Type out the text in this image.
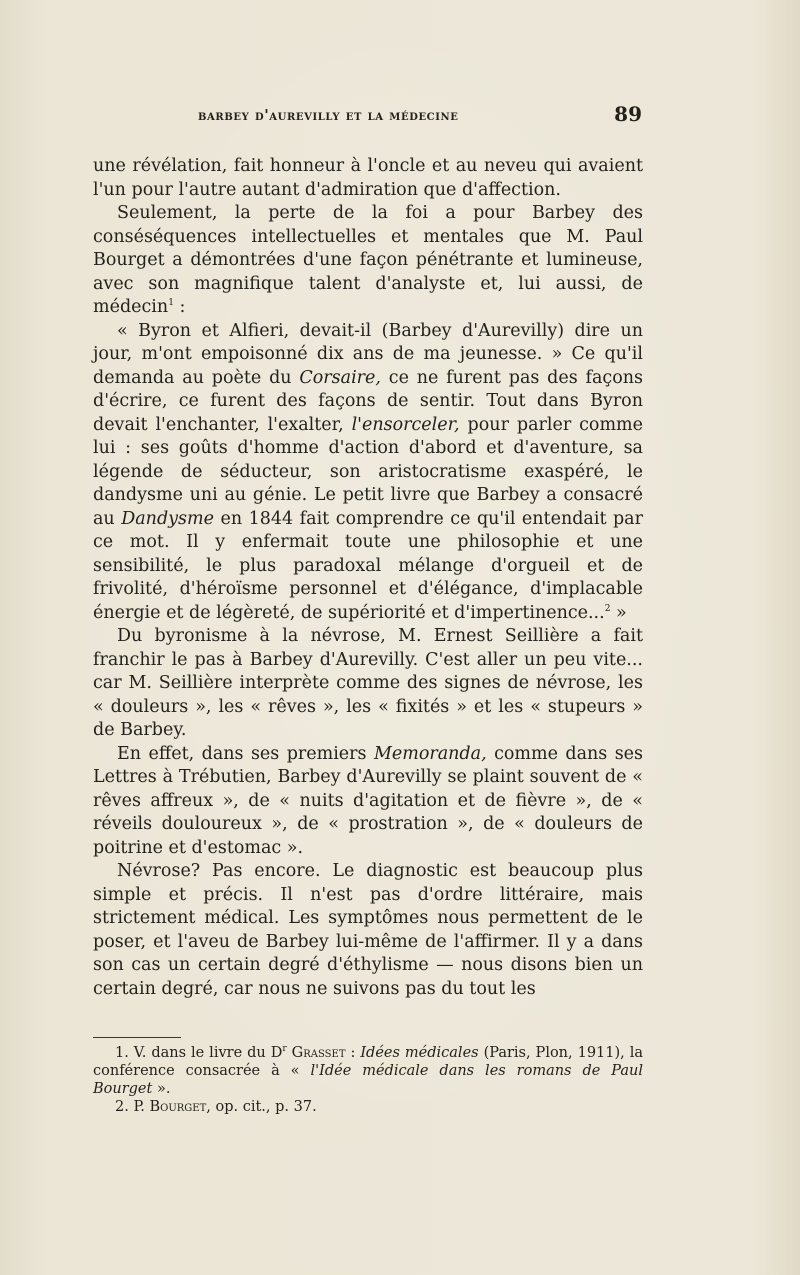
barbey d'aurevilly et la médecine	89

une révélation, fait honneur à l'oncle et au neveu qui avaient l'un pour l'autre autant d'admiration que d'affection.

Seulement, la perte de la foi a pour Barbey des conséséquences intellectuelles et mentales que M. Paul Bourget a démontrées d'une façon pénétrante et lumineuse, avec son magnifique talent d'analyste et, lui aussi, de médecin$^1$ :

« Byron et Alfieri, devait-il (Barbey d'Aurevilly) dire un jour, m'ont empoisonné dix ans de ma jeunesse. » Ce qu'il demanda au poète du Corsaire, ce ne furent pas des façons d'écrire, ce furent des façons de sentir. Tout dans Byron devait l'enchanter, l'exalter, l'ensorceler, pour parler comme lui : ses goûts d'homme d'action d'abord et d'aventure, sa légende de séducteur, son aristocratisme exaspéré, le dandysme uni au génie. Le petit livre que Barbey a consacré au Dandysme en 1844 fait comprendre ce qu'il entendait par ce mot. Il y enfermait toute une philosophie et une sensibilité, le plus paradoxal mélange d'orgueil et de frivolité, d'héroïsme personnel et d'élégance, d'implacable énergie et de légèreté, de supériorité et d'impertinence...$^2$ »

Du byronisme à la névrose, M. Ernest Seillière a fait franchir le pas à Barbey d'Aurevilly. C'est aller un peu vite... car M. Seillière interprète comme des signes de névrose, les « douleurs », les « rêves », les « fixités » et les « stupeurs » de Barbey.

En effet, dans ses premiers Memoranda, comme dans ses Lettres à Trébutien, Barbey d'Aurevilly se plaint souvent de « rêves affreux », de « nuits d'agitation et de fièvre », de « réveils douloureux », de « prostration », de « douleurs de poitrine et d'estomac ».

Névrose? Pas encore. Le diagnostic est beaucoup plus simple et précis. Il n'est pas d'ordre littéraire, mais strictement médical. Les symptômes nous permettent de le poser, et l'aveu de Barbey lui-même de l'affirmer. Il y a dans son cas un certain degré d'éthylisme — nous disons bien un certain degré, car nous ne suivons pas du tout les

1. V. dans le livre du $D^r$ Grasset : Idées médicales (Paris, Plon, 1911), la conférence consacrée à « l'Idée médicale dans les romans de Paul Bourget ».

2. P. Bourget, op. cit., p. 37.
